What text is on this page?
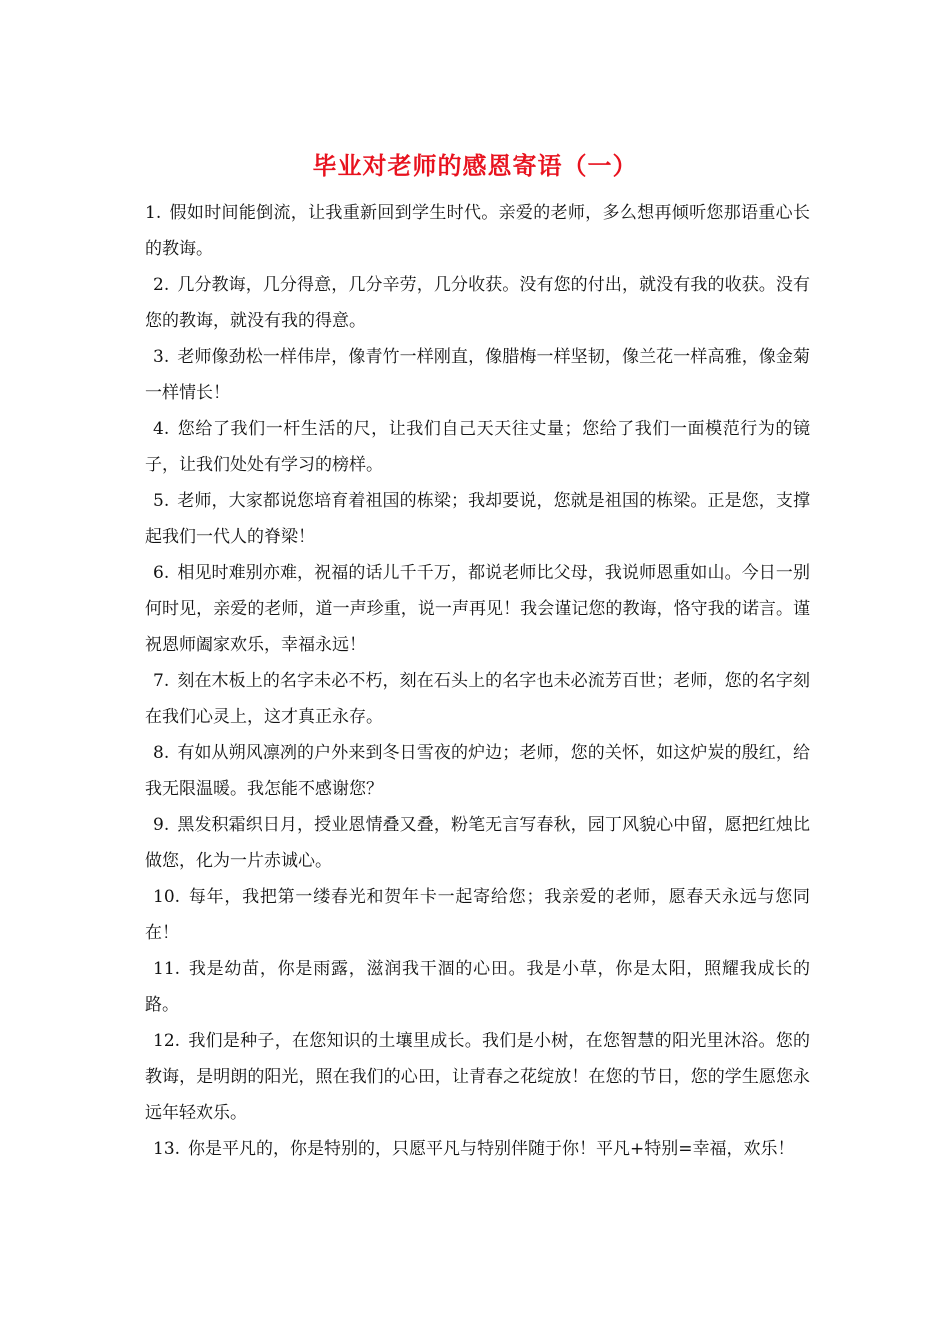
毕业对老师的感恩寄语（一）
1. 假如时间能倒流，让我重新回到学生时代。亲爱的老师，多么想再倾听您那语重心长的教诲。
2. 几分教诲，几分得意，几分辛劳，几分收获。没有您的付出，就没有我的收获。没有您的教诲，就没有我的得意。
3. 老师像劲松一样伟岸，像青竹一样刚直，像腊梅一样坚韧，像兰花一样高雅，像金菊一样情长！
4. 您给了我们一杆生活的尺，让我们自己天天往丈量；您给了我们一面模范行为的镜子，让我们处处有学习的榜样。
5. 老师，大家都说您培育着祖国的栋梁；我却要说，您就是祖国的栋梁。正是您，支撑起我们一代人的脊梁！
6. 相见时难别亦难，祝福的话儿千千万，都说老师比父母，我说师恩重如山。今日一别何时见，亲爱的老师，道一声珍重，说一声再见！我会谨记您的教诲，恪守我的诺言。谨祝恩师阖家欢乐，幸福永远！
7. 刻在木板上的名字未必不朽，刻在石头上的名字也未必流芳百世；老师，您的名字刻在我们心灵上，这才真正永存。
8. 有如从朔风凛冽的户外来到冬日雪夜的炉边；老师，您的关怀，如这炉炭的殷红，给我无限温暖。我怎能不感谢您？
9. 黑发积霜织日月，授业恩情叠又叠，粉笔无言写春秋，园丁风貌心中留，愿把红烛比做您，化为一片赤诚心。
10. 每年，我把第一缕春光和贺年卡一起寄给您；我亲爱的老师，愿春天永远与您同在！
11. 我是幼苗，你是雨露，滋润我干涸的心田。我是小草，你是太阳，照耀我成长的路。
12. 我们是种子，在您知识的土壤里成长。我们是小树，在您智慧的阳光里沐浴。您的教诲，是明朗的阳光，照在我们的心田，让青春之花绽放！在您的节日，您的学生愿您永远年轻欢乐。
13. 你是平凡的，你是特别的，只愿平凡与特别伴随于你！平凡+特别=幸福，欢乐！
